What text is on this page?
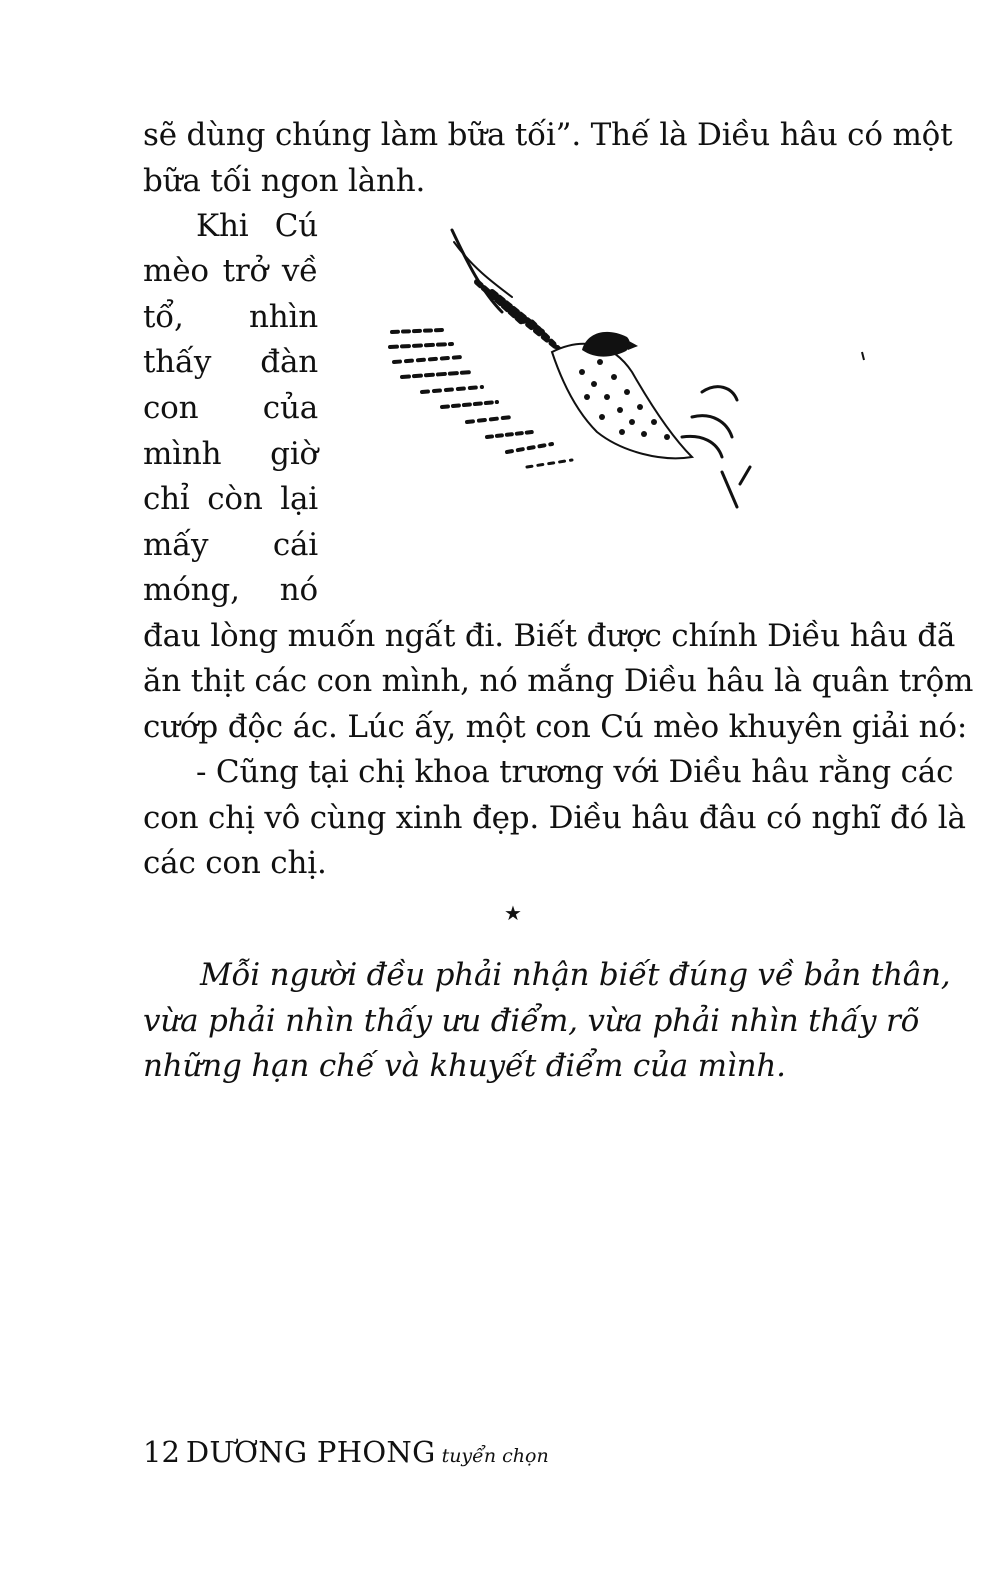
sẽ dùng chúng làm bữa tối”. Thế là Diều hâu có một
bữa tối ngon lành.
Khi Cú
mèo trở về
tổ, nhìn
thấy đàn
con của
mình giờ
chỉ còn lại
mấy cái
móng, nó
đau lòng muốn ngất đi. Biết được chính Diều hâu đã
ăn thịt các con mình, nó mắng Diều hâu là quân trộm
cướp độc ác. Lúc ấy, một con Cú mèo khuyên giải nó:
- Cũng tại chị khoa trương với Diều hâu rằng các
con chị vô cùng xinh đẹp. Diều hâu đâu có nghĩ đó là
các con chị.
★
Mỗi người đều phải nhận biết đúng về bản thân,
vừa phải nhìn thấy ưu điểm, vừa phải nhìn thấy rõ
những hạn chế và khuyết điểm của mình.
12 DƯƠNG PHONG tuyển chọn
